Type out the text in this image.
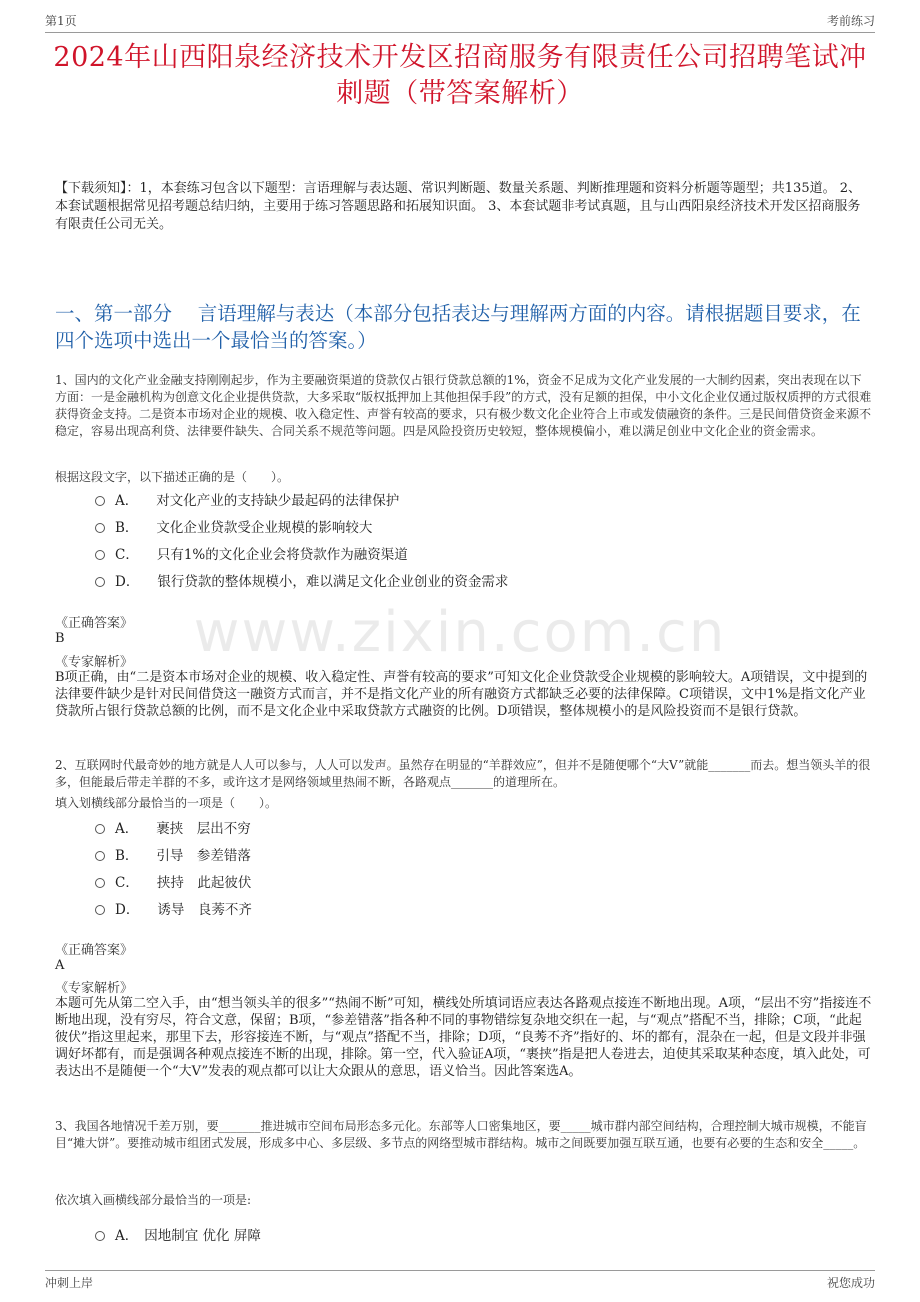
第1页	考前练习
2024年山西阳泉经济技术开发区招商服务有限责任公司招聘笔试冲刺题（带答案解析）
【下载须知】：1，本套练习包含以下题型：言语理解与表达题、常识判断题、数量关系题、判断推理题和资料分析题等题型；共135道。 2、本套试题根据常见招考题总结归纳，主要用于练习答题思路和拓展知识面。 3、本套试题非考试真题，且与山西阳泉经济技术开发区招商服务有限责任公司无关。
一、第一部分　 言语理解与表达（本部分包括表达与理解两方面的内容。请根据题目要求，在四个选项中选出一个最恰当的答案。）
www.zixin.com.cn
1、国内的文化产业金融支持刚刚起步，作为主要融资渠道的贷款仅占银行贷款总额的1%，资金不足成为文化产业发展的一大制约因素，突出表现在以下方面：一是金融机构为创意文化企业提供贷款，大多采取“版权抵押加上其他担保手段”的方式，没有足额的担保，中小文化企业仅通过版权质押的方式很难获得资金支持。二是资本市场对企业的规模、收入稳定性、声誉有较高的要求，只有极少数文化企业符合上市或发债融资的条件。三是民间借贷资金来源不稳定，容易出现高利贷、法律要件缺失、合同关系不规范等问题。四是风险投资历史较短，整体规模偏小，难以满足创业中文化企业的资金需求。
根据这段文字，以下描述正确的是（　　）。
A． 对文化产业的支持缺少最起码的法律保护
B． 文化企业贷款受企业规模的影响较大
C． 只有1%的文化企业会将贷款作为融资渠道
D． 银行贷款的整体规模小，难以满足文化企业创业的资金需求
《正确答案》
B
《专家解析》
B项正确，由“二是资本市场对企业的规模、收入稳定性、声誉有较高的要求”可知文化企业贷款受企业规模的影响较大。A项错误，文中提到的法律要件缺少是针对民间借贷这一融资方式而言，并不是指文化产业的所有融资方式都缺乏必要的法律保障。C项错误，文中1%是指文化产业贷款所占银行贷款总额的比例，而不是文化企业中采取贷款方式融资的比例。D项错误，整体规模小的是风险投资而不是银行贷款。
2、互联网时代最奇妙的地方就是人人可以参与，人人可以发声。虽然存在明显的“羊群效应”，但并不是随便哪个“大V”就能_______而去。想当领头羊的很多，但能最后带走羊群的不多，或许这才是网络领域里热闹不断，各路观点_______的道理所在。
填入划横线部分最恰当的一项是（　　）。
A． 裹挟　层出不穷
B． 引导　参差错落
C． 挟持　此起彼伏
D． 诱导　良莠不齐
《正确答案》
A
《专家解析》
本题可先从第二空入手，由“想当领头羊的很多”“热闹不断”可知，横线处所填词语应表达各路观点接连不断地出现。A项，“层出不穷”指接连不断地出现，没有穷尽，符合文意，保留；B项，“参差错落”指各种不同的事物错综复杂地交织在一起，与“观点”搭配不当，排除；C项，“此起彼伏”指这里起来，那里下去，形容接连不断，与“观点”搭配不当，排除；D项，“良莠不齐”指好的、坏的都有，混杂在一起，但是文段并非强调好坏都有，而是强调各种观点接连不断的出现，排除。第一空，代入验证A项，“裹挟”指是把人卷进去，迫使其采取某种态度，填入此处，可表达出不是随便一个“大V”发表的观点都可以让大众跟从的意思，语义恰当。因此答案选A。
3、我国各地情况千差万别，要_______推进城市空间布局形态多元化。东部等人口密集地区，要_____城市群内部空间结构，合理控制大城市规模，不能盲目“摊大饼”。要推动城市组团式发展，形成多中心、多层级、多节点的网络型城市群结构。城市之间既要加强互联互通，也要有必要的生态和安全_____。
依次填入画横线部分最恰当的一项是:
A． 因地制宜 优化 屏障
冲刺上岸	祝您成功
